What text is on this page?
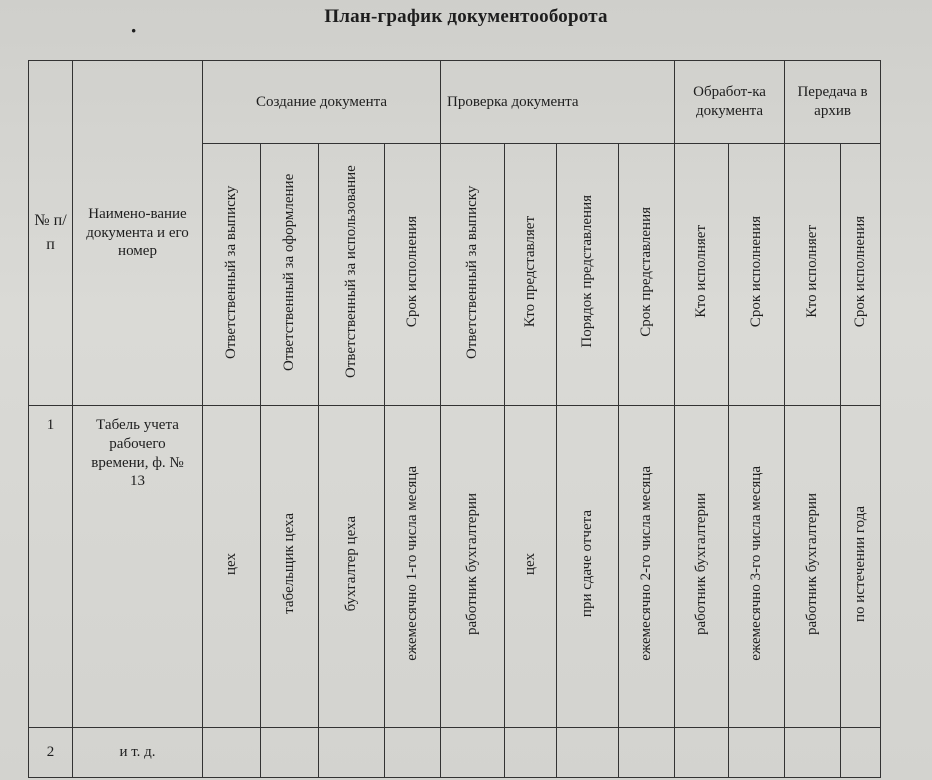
·
План-график документооборота
№ п/п	Наимено-вание документа и его номер	Создание документа				Проверка документа				Обработ-ка документа		Передача в архив	
		Ответственный за выписку	Ответственный за оформление	Ответственный за использование	Срок исполнения	Ответственный за выписку	Кто представляет	Порядок представления	Срок представления	Кто исполняет	Срок исполнения	Кто исполняет	Срок исполнения
1	Табель учета рабочего времени, ф. № 13	цех	табельщик цеха	бухгалтер цеха	ежемесячно 1-го числа месяца	работник бухгалтерии	цех	при сдаче отчета	ежемесячно 2-го числа месяца	работник бухгалтерии	ежемесячно 3-го числа месяца	работник бухгалтерии	по истечении года
2	и т. д.												
